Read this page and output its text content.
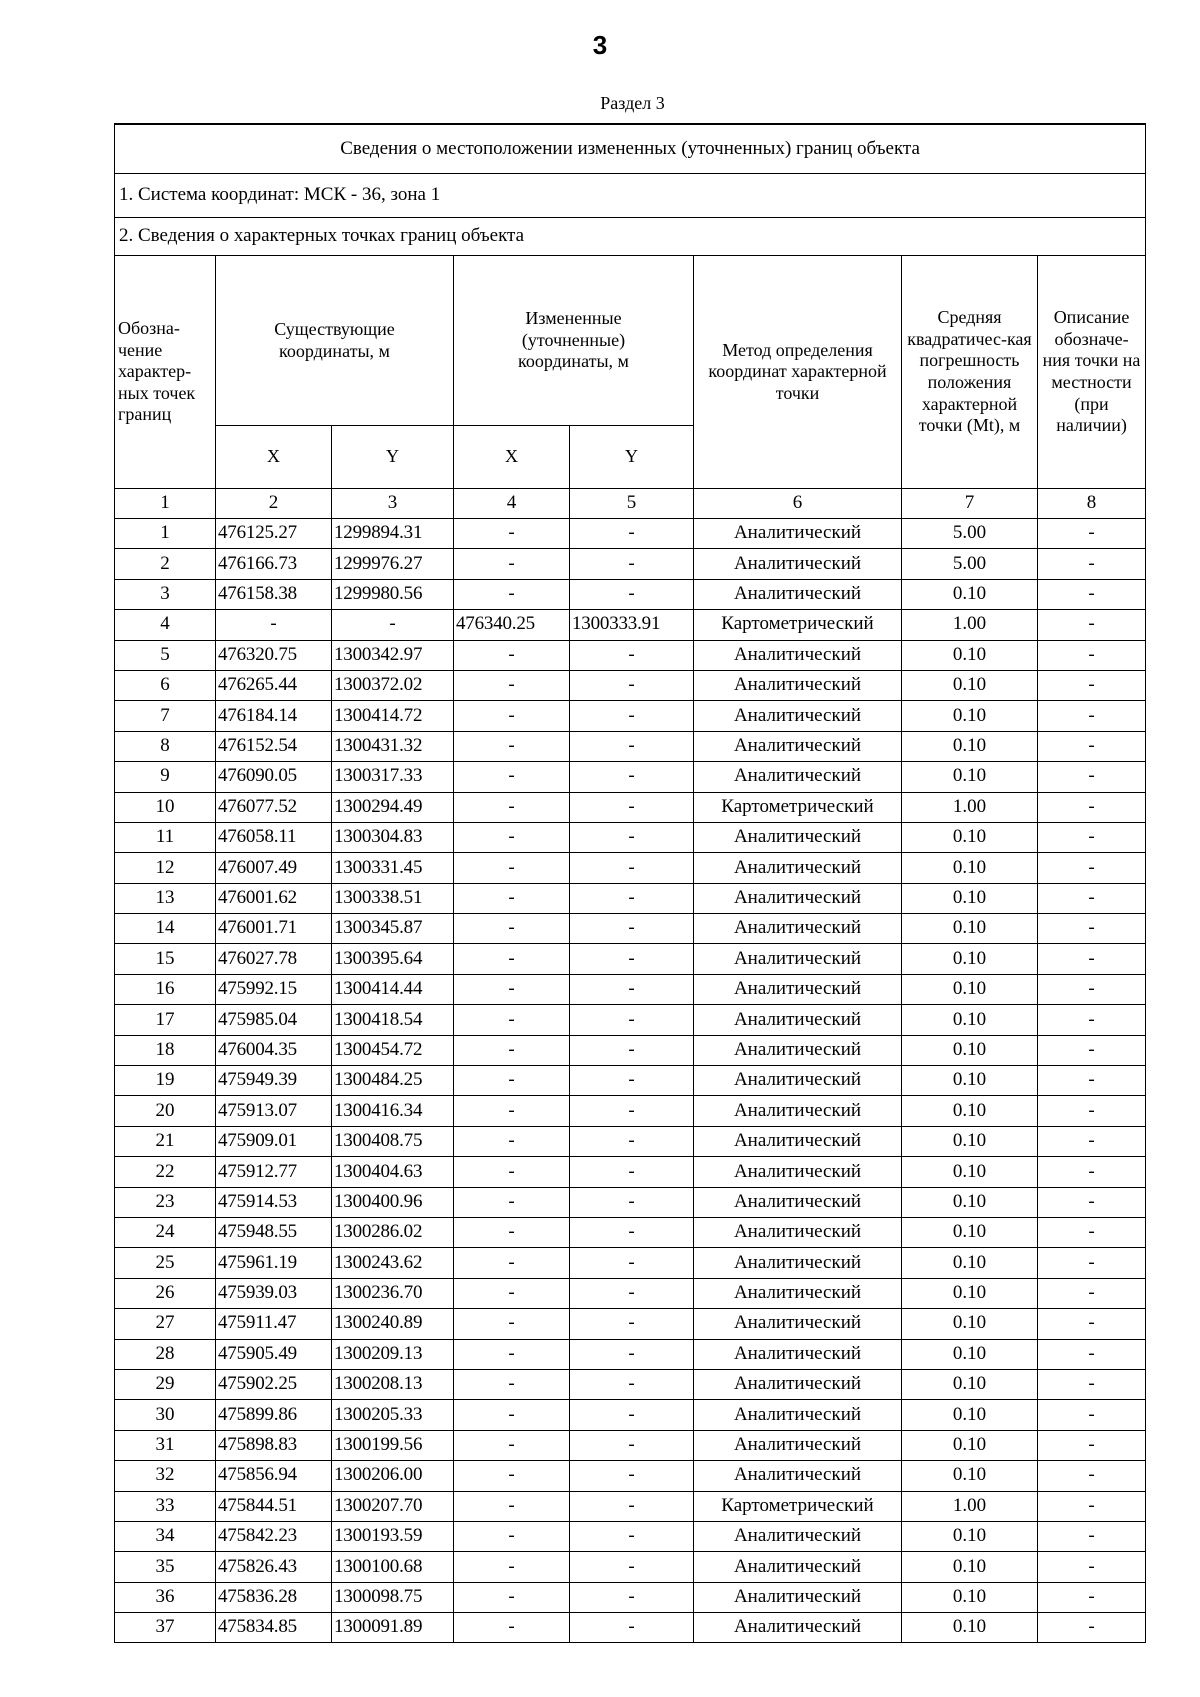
3
Раздел 3
Сведения о местоположении измененных (уточненных) границ объекта							
1. Система координат: МСК - 36, зона 1							
2. Сведения о характерных точках границ объекта							
Обозна-чение характер-ных точек границ	Существующие координаты, м		Измененные (уточненные) координаты, м		Метод определения координат характерной точки	Средняя квадратичес-кая погрешность положения характерной точки (Mt), м	Описание обозначе-ния точки на местности (при наличии)
	X	Y	X	Y			
1	2	3	4	5	6	7	8
1	476125.27	1299894.31	-	-	Аналитический	5.00	-
2	476166.73	1299976.27	-	-	Аналитический	5.00	-
3	476158.38	1299980.56	-	-	Аналитический	0.10	-
4	-	-	476340.25	1300333.91	Картометрический	1.00	-
5	476320.75	1300342.97	-	-	Аналитический	0.10	-
6	476265.44	1300372.02	-	-	Аналитический	0.10	-
7	476184.14	1300414.72	-	-	Аналитический	0.10	-
8	476152.54	1300431.32	-	-	Аналитический	0.10	-
9	476090.05	1300317.33	-	-	Аналитический	0.10	-
10	476077.52	1300294.49	-	-	Картометрический	1.00	-
11	476058.11	1300304.83	-	-	Аналитический	0.10	-
12	476007.49	1300331.45	-	-	Аналитический	0.10	-
13	476001.62	1300338.51	-	-	Аналитический	0.10	-
14	476001.71	1300345.87	-	-	Аналитический	0.10	-
15	476027.78	1300395.64	-	-	Аналитический	0.10	-
16	475992.15	1300414.44	-	-	Аналитический	0.10	-
17	475985.04	1300418.54	-	-	Аналитический	0.10	-
18	476004.35	1300454.72	-	-	Аналитический	0.10	-
19	475949.39	1300484.25	-	-	Аналитический	0.10	-
20	475913.07	1300416.34	-	-	Аналитический	0.10	-
21	475909.01	1300408.75	-	-	Аналитический	0.10	-
22	475912.77	1300404.63	-	-	Аналитический	0.10	-
23	475914.53	1300400.96	-	-	Аналитический	0.10	-
24	475948.55	1300286.02	-	-	Аналитический	0.10	-
25	475961.19	1300243.62	-	-	Аналитический	0.10	-
26	475939.03	1300236.70	-	-	Аналитический	0.10	-
27	475911.47	1300240.89	-	-	Аналитический	0.10	-
28	475905.49	1300209.13	-	-	Аналитический	0.10	-
29	475902.25	1300208.13	-	-	Аналитический	0.10	-
30	475899.86	1300205.33	-	-	Аналитический	0.10	-
31	475898.83	1300199.56	-	-	Аналитический	0.10	-
32	475856.94	1300206.00	-	-	Аналитический	0.10	-
33	475844.51	1300207.70	-	-	Картометрический	1.00	-
34	475842.23	1300193.59	-	-	Аналитический	0.10	-
35	475826.43	1300100.68	-	-	Аналитический	0.10	-
36	475836.28	1300098.75	-	-	Аналитический	0.10	-
37	475834.85	1300091.89	-	-	Аналитический	0.10	-
